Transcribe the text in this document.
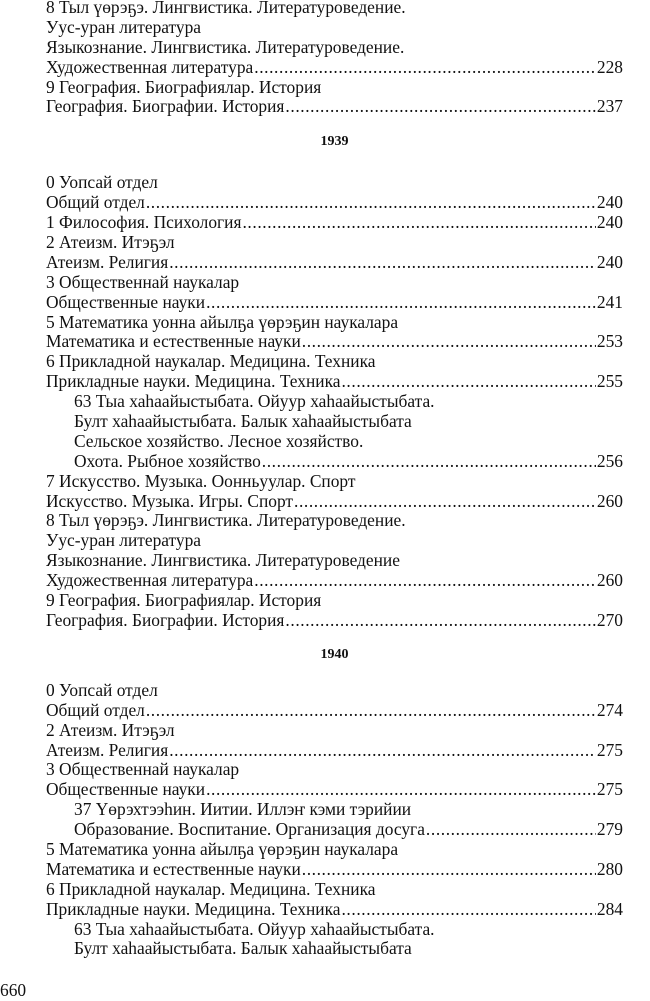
8 Тыл үөрэҕэ. Лингвистика. Литературоведение.
Уус-уран литература
Языкознание. Лингвистика. Литературоведение.
Художественная литература .....	228
9 География. Биографиялар. История
География. Биографии. История .....	237
1939
0 Уопсай отдел
Общий отдел .....	240
1 Философия. Психология .....	240
2 Атеизм. Итэҕэл
Атеизм. Религия .....	240
3 Общественнай наукалар
Общественные науки .....	241
5 Математика уонна айылҕа үөрэҕин наукалара
Математика и естественные науки .....	253
6 Прикладной наукалар. Медицина. Техника
Прикладные науки. Медицина. Техника .....	255
63 Тыа хаһаайыстыбата. Ойуур хаһаайыстыбата.
Булт хаһаайыстыбата. Балык хаһаайыстыбата
Сельское хозяйство. Лесное хозяйство.
Охота. Рыбное хозяйство .....	256
7 Искусство. Музыка. Оонньуулар. Спорт
Искусство. Музыка. Игры. Спорт .....	260
8 Тыл үөрэҕэ. Лингвистика. Литературоведение.
Уус-уран литература
Языкознание. Лингвистика. Литературоведение
Художественная литература .....	260
9 География. Биографиялар. История
География. Биографии. История .....	270
1940
0 Уопсай отдел
Общий отдел .....	274
2 Атеизм. Итэҕэл
Атеизм. Религия .....	275
3 Общественнай наукалар
Общественные науки .....	275
37 Үөрэхтээһин. Иитии. Иллэҥ кэми тэрийии
Образование. Воспитание. Организация досуга .....	279
5 Математика уонна айылҕа үөрэҕин наукалара
Математика и естественные науки .....	280
6 Прикладной наукалар. Медицина. Техника
Прикладные науки. Медицина. Техника .....	284
63 Тыа хаһаайыстыбата. Ойуур хаһаайыстыбата.
Булт хаһаайыстыбата. Балык хаһаайыстыбата
660
